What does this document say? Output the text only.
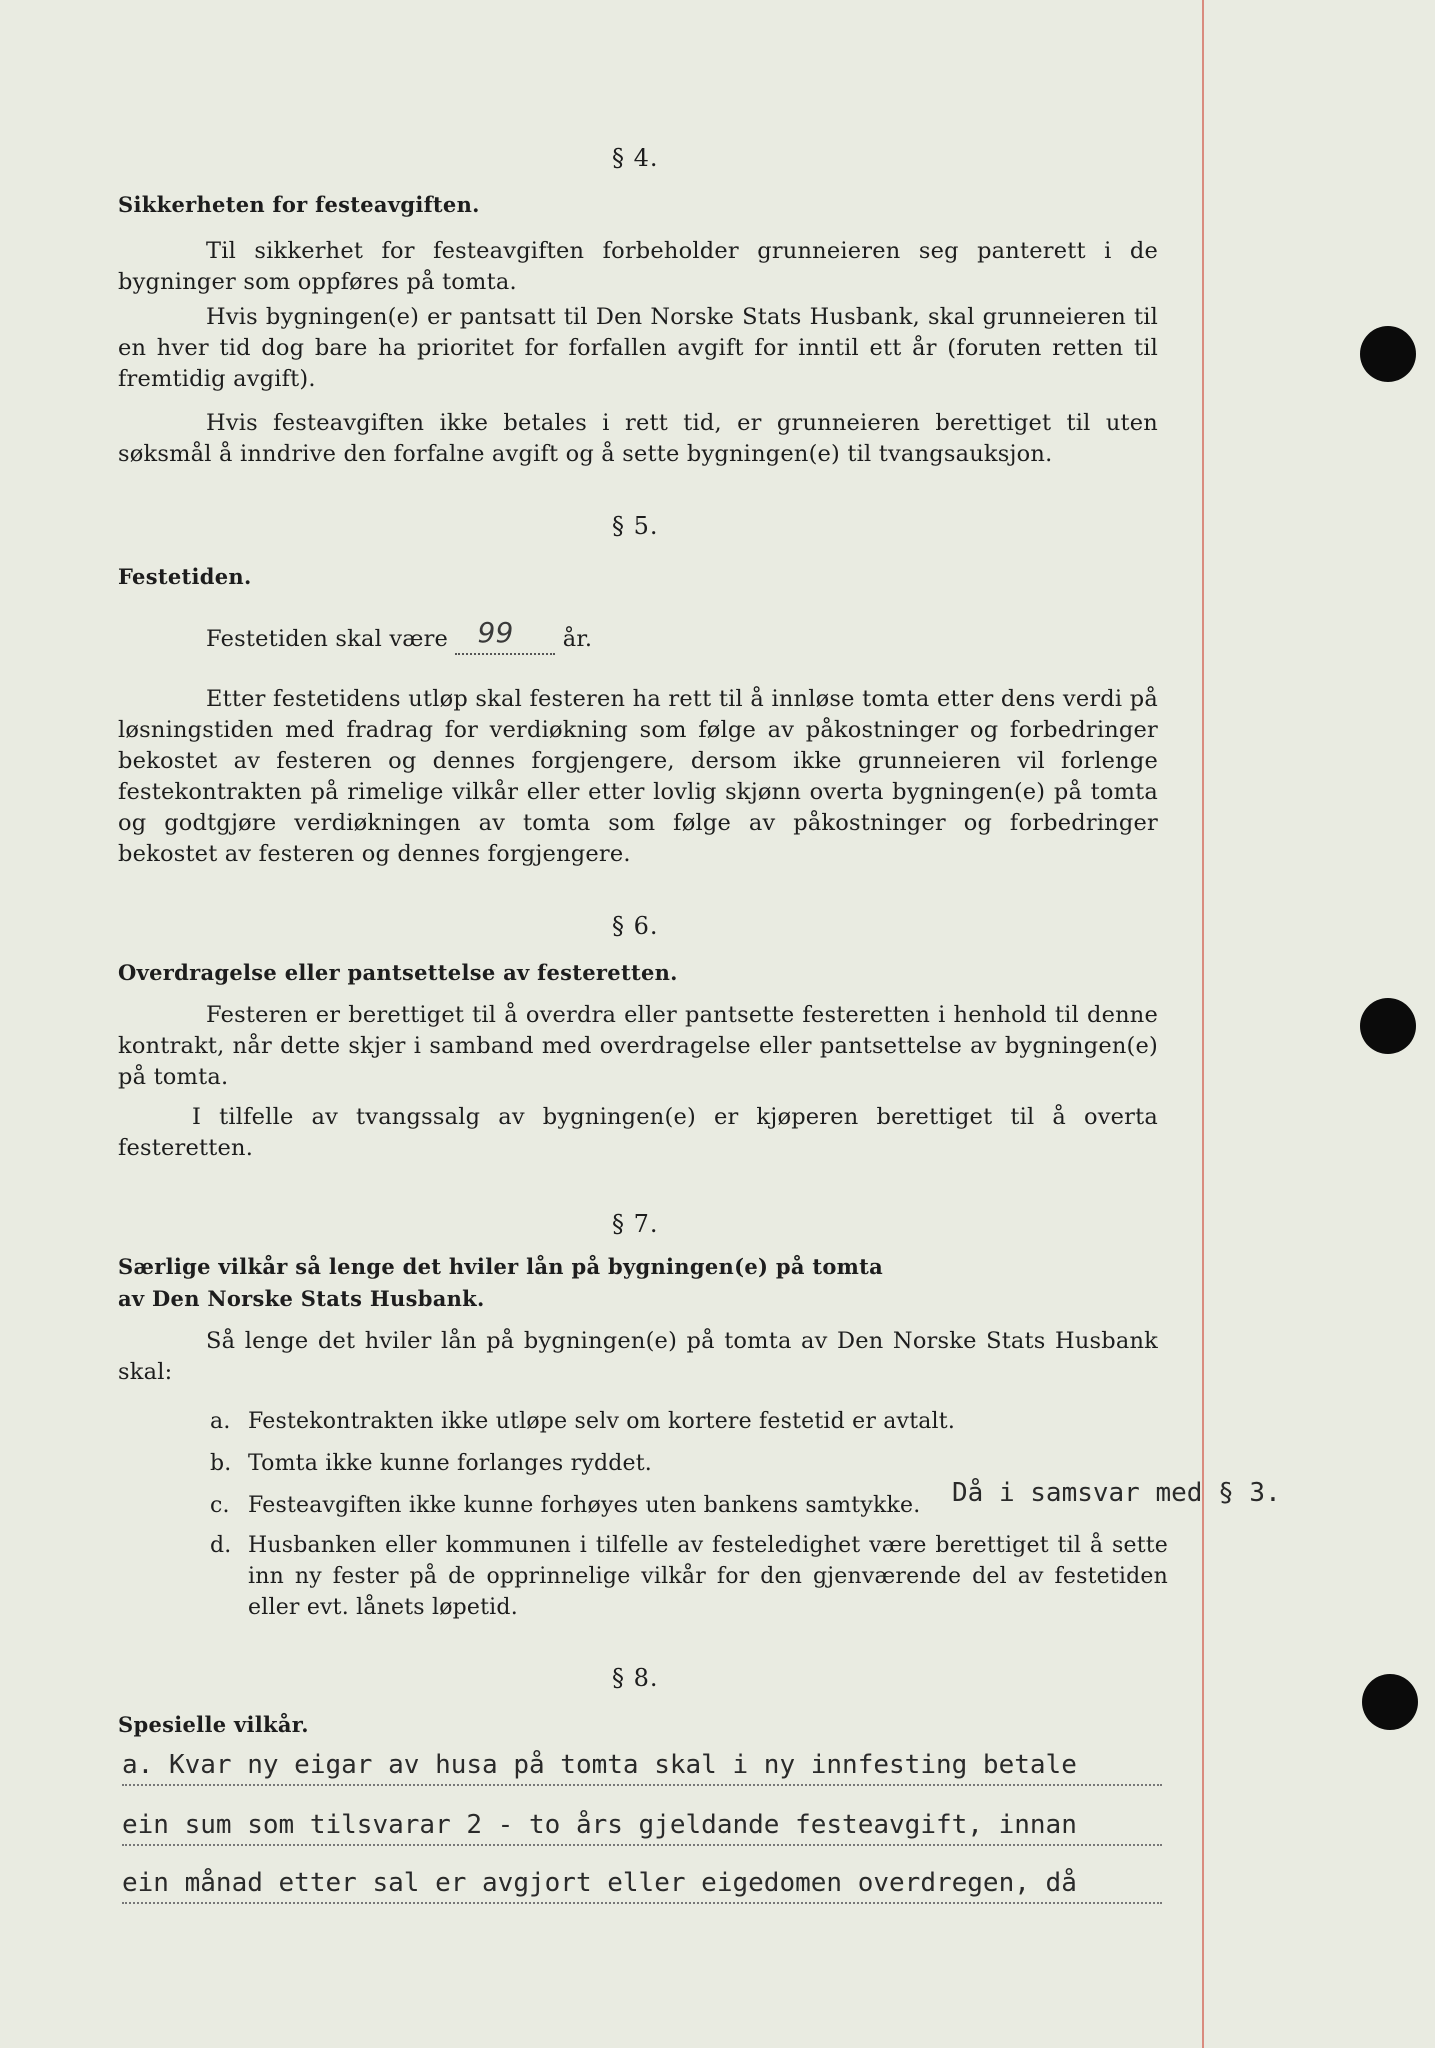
§ 4.
Sikkerheten for festeavgiften.
Til sikkerhet for festeavgiften forbeholder grunneieren seg panterett i de bygninger som oppføres på tomta.
Hvis bygningen(e) er pantsatt til Den Norske Stats Husbank, skal grunneieren til en hver tid dog bare ha prioritet for forfallen avgift for inntil ett år (foruten retten til fremtidig avgift).
Hvis festeavgiften ikke betales i rett tid, er grunneieren berettiget til uten søksmål å inndrive den forfalne avgift og å sette bygningen(e) til tvangsauksjon.
§ 5.
Festetiden.
Festetiden skal være 99 år.
Etter festetidens utløp skal festeren ha rett til å innløse tomta etter dens verdi på løsningstiden med fradrag for verdiøkning som følge av påkostninger og forbedringer bekostet av festeren og dennes forgjengere, dersom ikke grunneieren vil forlenge festekontrakten på rimelige vilkår eller etter lovlig skjønn overta bygningen(e) på tomta og godtgjøre verdiøkningen av tomta som følge av påkostninger og forbedringer bekostet av festeren og dennes forgjengere.
§ 6.
Overdragelse eller pantsettelse av festeretten.
Festeren er berettiget til å overdra eller pantsette festeretten i henhold til denne kontrakt, når dette skjer i samband med overdragelse eller pantsettelse av bygningen(e) på tomta.
I tilfelle av tvangssalg av bygningen(e) er kjøperen berettiget til å overta festeretten.
§ 7.
Særlige vilkår så lenge det hviler lån på bygningen(e) på tomta
av Den Norske Stats Husbank.
Så lenge det hviler lån på bygningen(e) på tomta av Den Norske Stats Husbank skal:
a. Festekontrakten ikke utløpe selv om kortere festetid er avtalt.
b. Tomta ikke kunne forlanges ryddet.
c. Festeavgiften ikke kunne forhøyes uten bankens samtykke.	Då i samsvar med § 3.
d. Husbanken eller kommunen i tilfelle av festeledighet være berettiget til å sette inn ny fester på de opprinnelige vilkår for den gjenværende del av festetiden eller evt. lånets løpetid.
§ 8.
Spesielle vilkår.
a. Kvar ny eigar av husa på tomta skal i ny innfesting betale
ein sum som tilsvarar 2 - to års gjeldande festeavgift, innan
ein månad etter sal er avgjort eller eigedomen overdregen, då
